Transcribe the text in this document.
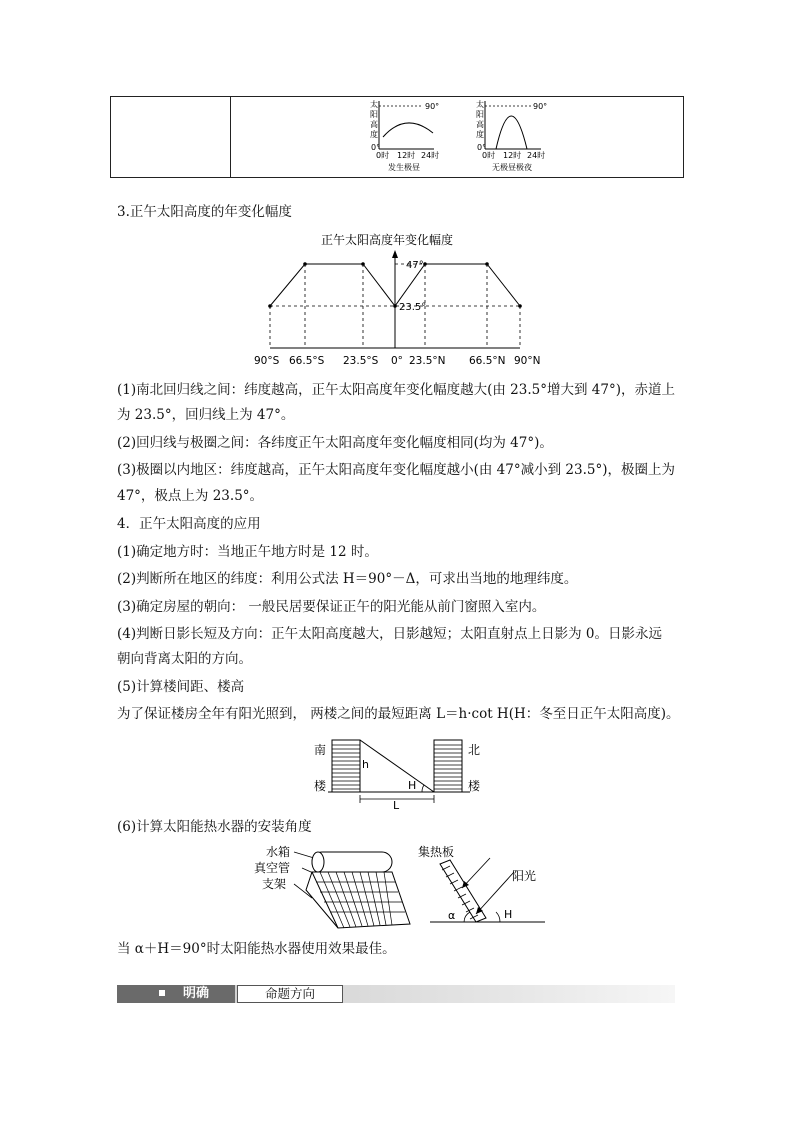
太
阳
高
度
90°
0°
0时 12时 24时
发生极昼
太
阳
高
度
90°
0°
0时 12时 24时
无极昼极夜
3.正午太阳高度的年变化幅度
正午太阳高度年变化幅度
90°S 66.5°S 23.5°S 0° 23.5°N 66.5°N 90°N
47°
23.5°
(1)南北回归线之间：纬度越高，正午太阳高度年变化幅度越大(由 23.5°增大到 47°)，赤道上
为 23.5°，回归线上为 47°。
(2)回归线与极圈之间：各纬度正午太阳高度年变化幅度相同(均为 47°)。
(3)极圈以内地区：纬度越高，正午太阳高度年变化幅度越小(由 47°减小到 23.5°)，极圈上为
47°，极点上为 23.5°。
4．正午太阳高度的应用
(1)确定地方时：当地正午地方时是 12 时。
(2)判断所在地区的纬度：利用公式法 H＝90°－Δ，可求出当地的地理纬度。
(3)确定房屋的朝向： 一般民居要保证正午的阳光能从前门窗照入室内。
(4)判断日影长短及方向：正午太阳高度越大，日影越短；太阳直射点上日影为 0。日影永远
朝向背离太阳的方向。
(5)计算楼间距、楼高
为了保证楼房全年有阳光照到， 两楼之间的最短距离 L＝h·cot H(H：冬至日正午太阳高度)。
南
楼
北
楼
h
H
L
(6)计算太阳能热水器的安装角度
水箱
真空管
支架
集热板
阳光
α	H
当 α＋H＝90°时太阳能热水器使用效果最佳。
明确	命题方向
